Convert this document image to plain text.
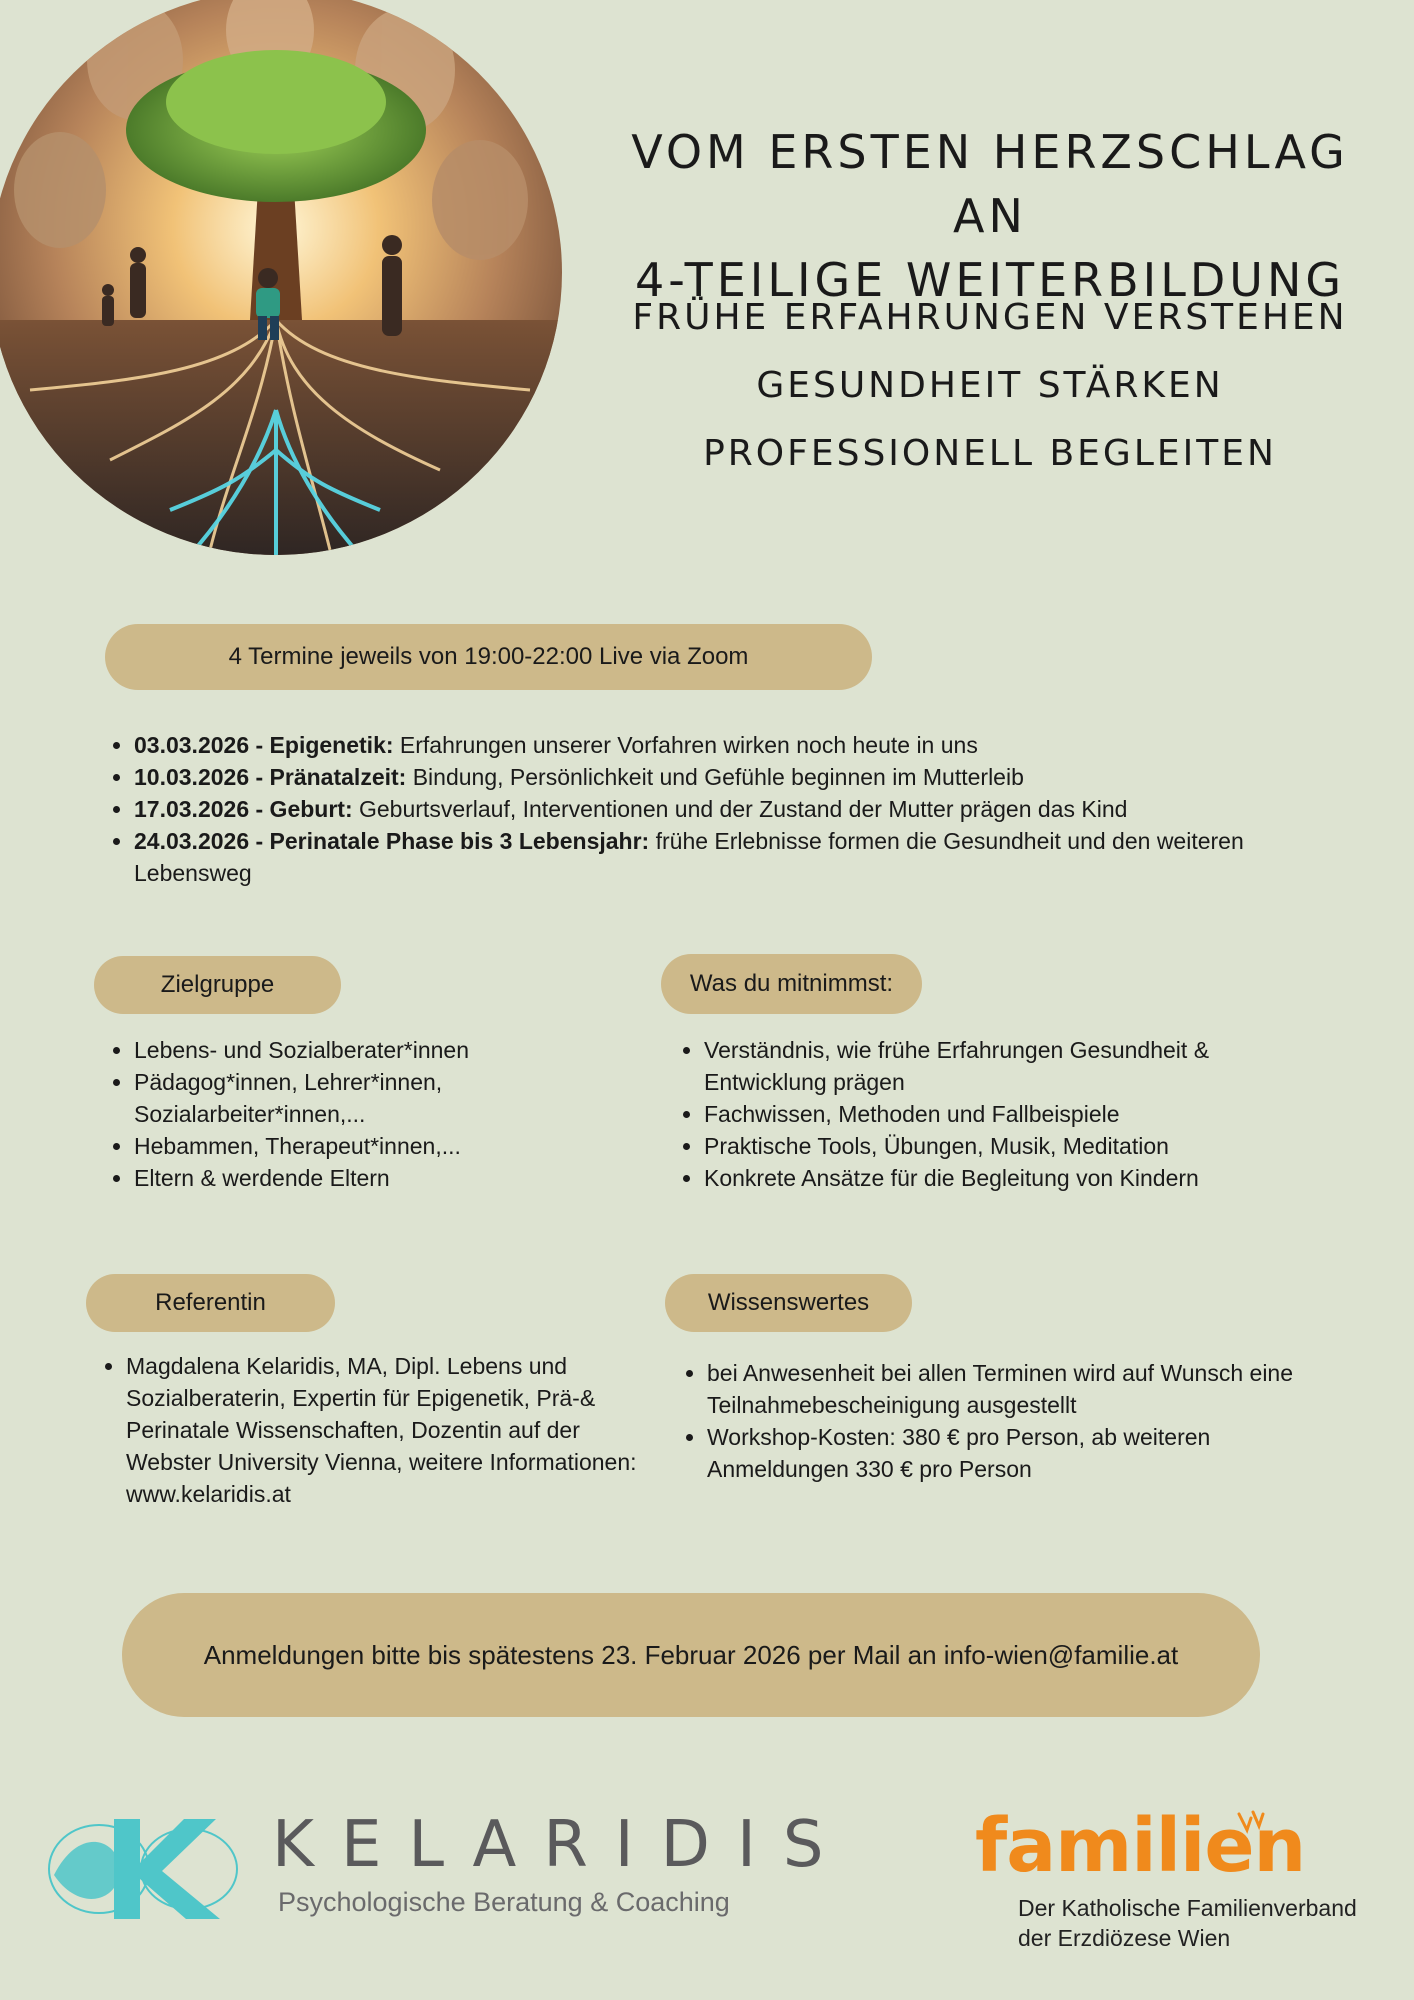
VOM ERSTEN HERZSCHLAG AN
4-TEILIGE WEITERBILDUNG
FRÜHE ERFAHRUNGEN VERSTEHEN
GESUNDHEIT STÄRKEN
PROFESSIONELL BEGLEITEN
4 Termine jeweils von 19:00-22:00 Live via Zoom
• 03.03.2026 - Epigenetik: Erfahrungen unserer Vorfahren wirken noch heute in uns
• 10.03.2026 - Pränatalzeit: Bindung, Persönlichkeit und Gefühle beginnen im Mutterleib
• 17.03.2026 - Geburt: Geburtsverlauf, Interventionen und der Zustand der Mutter prägen das Kind
• 24.03.2026 - Perinatale Phase bis 3 Lebensjahr: frühe Erlebnisse formen die Gesundheit und den weiteren Lebensweg
Zielgruppe
• Lebens- und Sozialberater*innen
• Pädagog*innen, Lehrer*innen, Sozialarbeiter*innen,...
• Hebammen, Therapeut*innen,...
• Eltern & werdende Eltern
Was du mitnimmst:
• Verständnis, wie frühe Erfahrungen Gesundheit & Entwicklung prägen
• Fachwissen, Methoden und Fallbeispiele
• Praktische Tools, Übungen, Musik, Meditation
• Konkrete Ansätze für die Begleitung von Kindern
Referentin
• Magdalena Kelaridis, MA, Dipl. Lebens und Sozialberaterin, Expertin für Epigenetik, Prä-& Perinatale Wissenschaften, Dozentin auf der Webster University Vienna, weitere Informationen: www.kelaridis.at
Wissenswertes
• bei Anwesenheit bei allen Terminen wird auf Wunsch eine Teilnahmebescheinigung ausgestellt
• Workshop-Kosten: 380 € pro Person, ab weiteren Anmeldungen 330 € pro Person
Anmeldungen bitte bis spätestens 23. Februar 2026 per Mail an info-wien@familie.at
KELARIDIS
Psychologische Beratung & Coaching
familien
Der Katholische Familienverband
der Erzdiözese Wien
